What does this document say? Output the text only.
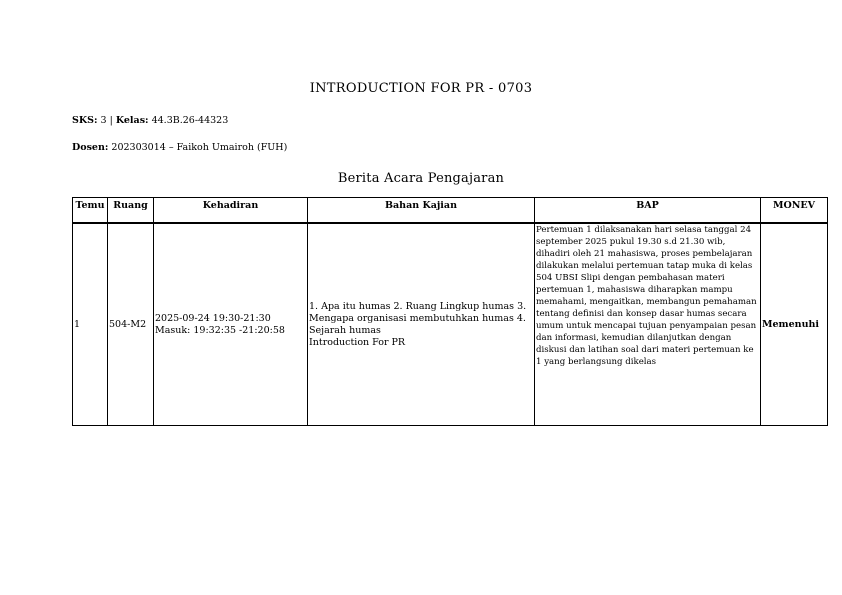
INTRODUCTION FOR PR - 0703
SKS: 3 | Kelas: 44.3B.26-44323
Dosen: 202303014 – Faikoh Umairoh (FUH)
Berita Acara Pengajaran
Temu	Ruang	Kehadiran	Bahan Kajian	BAP	MONEV
1	504-M2	2025-09-24 19:30-21:30
Masuk: 19:32:35 -21:20:58	1. Apa itu humas 2. Ruang Lingkup humas 3. Mengapa organisasi membutuhkan humas 4. Sejarah humas
Introduction For PR	Pertemuan 1 dilaksanakan hari selasa tanggal 24 september 2025 pukul 19.30 s.d 21.30 wib, dihadiri oleh 21 mahasiswa, proses pembelajaran dilakukan melalui pertemuan tatap muka di kelas 504 UBSI Slipi dengan pembahasan materi pertemuan 1, mahasiswa diharapkan mampu memahami, mengaitkan, membangun pemahaman tentang definisi dan konsep dasar humas secara umum untuk mencapai tujuan penyampaian pesan dan informasi, kemudian dilanjutkan dengan diskusi dan latihan soal dari materi pertemuan ke 1 yang berlangsung dikelas	Memenuhi
